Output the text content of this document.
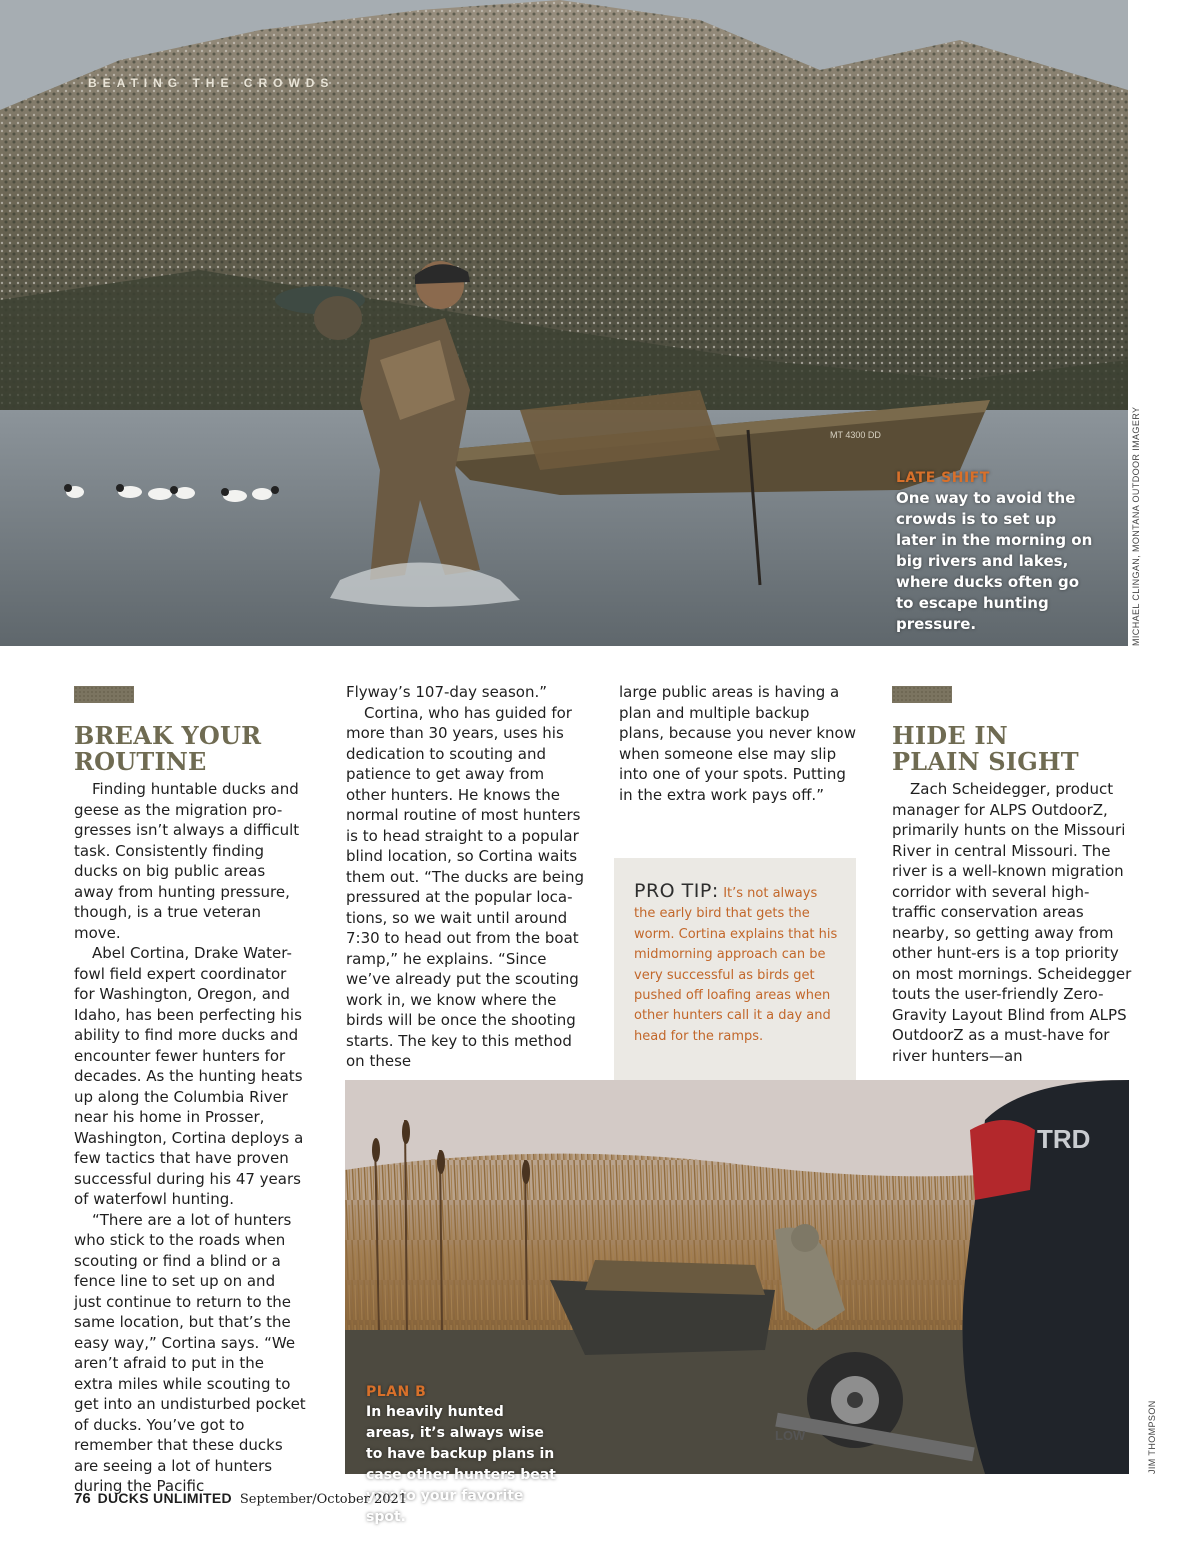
MT 4300 DD
BEATING THE CROWDS
LATE SHIFT
One way to avoid the crowds is to set up later in the morning on big rivers and lakes, where ducks often go to escape hunting pressure.	MICHAEL CLINGAN, MONTANA OUTDOOR IMAGERY
BREAK YOUR
ROUTINE

Finding huntable ducks and geese as the migration pro-gresses isn’t always a difficult task. Consistently finding ducks on big public areas away from hunting pressure, though, is a true veteran move.

Abel Cortina, Drake Water-fowl field expert coordinator for Washington, Oregon, and Idaho, has been perfecting his ability to find more ducks and encounter fewer hunters for decades. As the hunting heats up along the Columbia River near his home in Prosser, Washington, Cortina deploys a few tactics that have proven successful during his 47 years of waterfowl hunting.

“There are a lot of hunters who stick to the roads when scouting or find a blind or a fence line to set up on and just continue to return to the same location, but that’s the easy way,” Cortina says. “We aren’t afraid to put in the extra miles while scouting to get into an undisturbed pocket of ducks. You’ve got to remember that these ducks are seeing a lot of hunters during the Pacific

Flyway’s 107-day season.”

Cortina, who has guided for more than 30 years, uses his dedication to scouting and patience to get away from other hunters. He knows the normal routine of most hunters is to head straight to a popular blind location, so Cortina waits them out. “The ducks are being pressured at the popular loca-tions, so we wait until around 7:30 to head out from the boat ramp,” he explains. “Since we’ve already put the scouting work in, we know where the birds will be once the shooting starts. The key to this method on these

large public areas is having a plan and multiple backup plans, because you never know when someone else may slip into one of your spots. Putting in the extra work pays off.”

PRO TIP: It’s not always the early bird that gets the worm. Cortina explains that his midmorning approach can be very successful as birds get pushed off loafing areas when other hunters call it a day and head for the ramps.
HIDE IN
PLAIN SIGHT

Zach Scheidegger, product manager for ALPS OutdoorZ, primarily hunts on the Missouri River in central Missouri. The river is a well-known migration corridor with several high-traffic conservation areas nearby, so getting away from other hunt-ers is a top priority on most mornings. Scheidegger touts the user-friendly Zero-Gravity Layout Blind from ALPS OutdoorZ as a must-have for river hunters—an

LOW
TRD
PLAN B
In heavily hunted areas, it’s always wise to have backup plans in case other hunters beat you to your favorite spot.
JIM THOMPSON
76 DUCKS UNLIMITED September/October 2021
